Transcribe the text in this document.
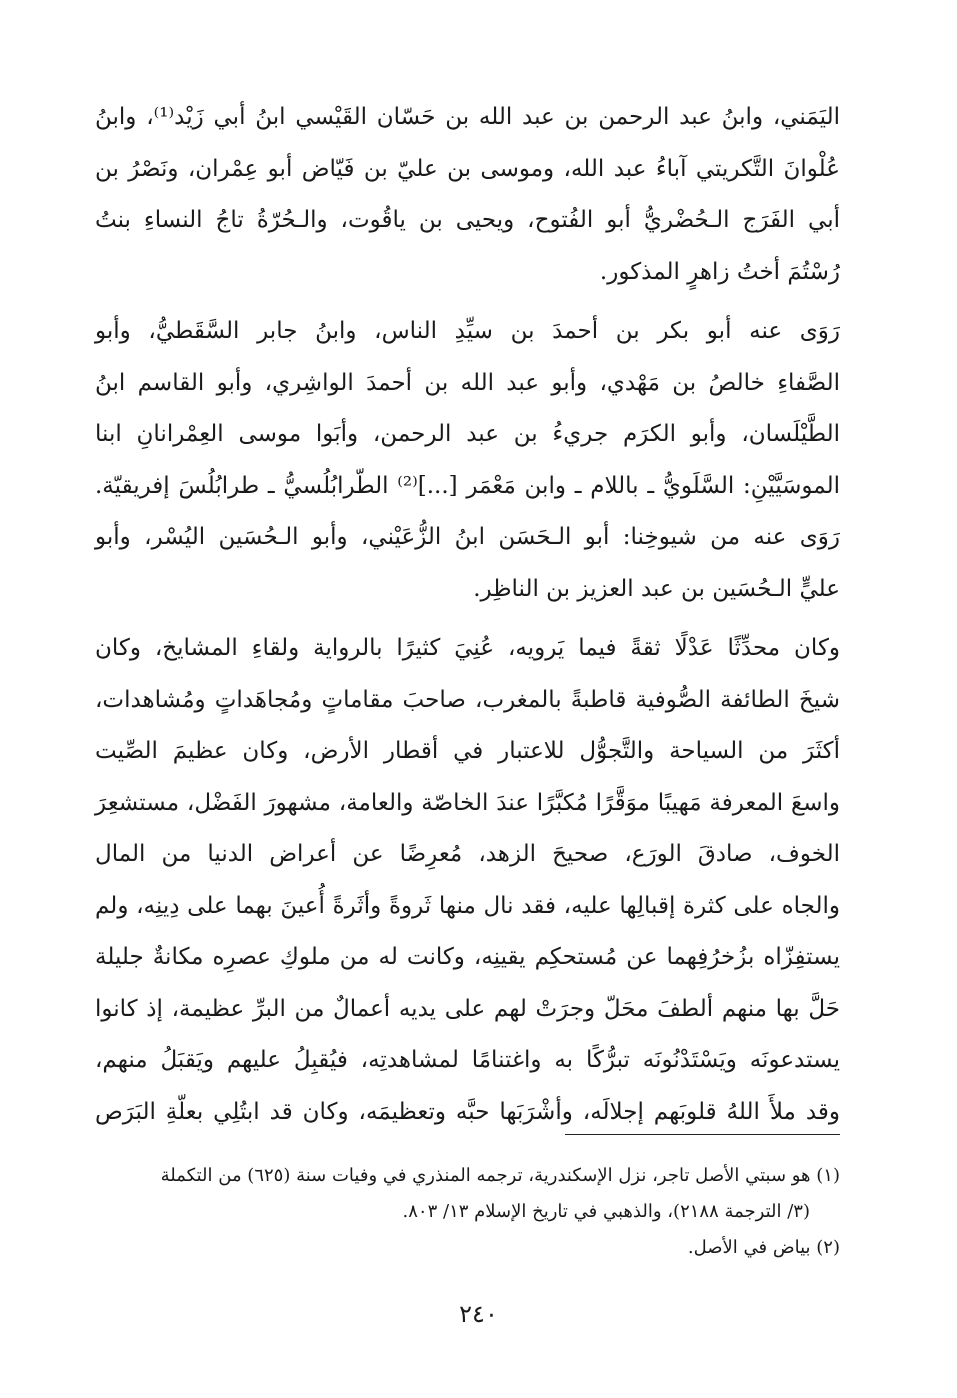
اليَمَني، وابنُ عبد الرحمن بن عبد الله بن حَسّان القَيْسي ابنُ أبي زَيْد⁽¹⁾، وابنُ
عُلْوانَ التَّكريتي آباءُ عبد الله، وموسى بن عليّ بن فَيّاض أبو عِمْران، ونَصْرُ بن
أبي الفَرَج الـحُضْريُّ أبو الفُتوح، ويحيى بن ياقُوت، والـحُرّةُ تاجُ النساءِ بنتُ
رُسْتُمَ أختُ زاهرٍ المذكور.
رَوَى عنه أبو بكر بن أحمدَ بن سيِّدِ الناس، وابنُ جابر السَّقَطيُّ، وأبو
الصَّفاءِ خالصُ بن مَهْدي، وأبو عبد الله بن أحمدَ الواشِري، وأبو القاسم ابنُ
الطَّيْلَسان، وأبو الكرَم جريءُ بن عبد الرحمن، وأبَوا موسى العِمْرانانِ ابنا
الموسَيَّيْنِ: السَّلَويُّ ـ باللام ـ وابن مَعْمَر [...]⁽²⁾ الطّرابُلُسيُّ ـ طرابُلُسَ إفريقيّة.
رَوَى عنه من شيوخِنا: أبو الـحَسَن ابنُ الزُّعَيْني، وأبو الـحُسَين اليُسْر، وأبو
عليٍّ الـحُسَين بن عبد العزيز بن الناظِر.
وكان محدِّثًا عَدْلًا ثقةً فيما يَرويه، عُنِيَ كثيرًا بالرواية ولقاءِ المشايخ، وكان
شيخَ الطائفة الصُّوفية قاطبةً بالمغرب، صاحبَ مقاماتٍ ومُجاهَداتٍ ومُشاهدات،
أكثَرَ من السياحة والتَّجوُّل للاعتبار في أقطار الأرض، وكان عظيمَ الصِّيت
واسعَ المعرفة مَهيبًا موَقَّرًا مُكبَّرًا عندَ الخاصّة والعامة، مشهورَ الفَضْل، مستشعِرَ
الخوف، صادقَ الورَع، صحيحَ الزهد، مُعرِضًا عن أعراض الدنيا من المال
والجاه على كثرة إقبالِها عليه، فقد نال منها ثَروةً وأثَرةً أُعينَ بهما على دِينِه، ولم
يستفِزّاه بزُخرُفِهما عن مُستحكِم يقينِه، وكانت له من ملوكِ عصرِه مكانةٌ جليلة
حَلَّ بها منهم ألطفَ محَلّ وجرَتْ لهم على يديه أعمالٌ من البرِّ عظيمة، إذ كانوا
يستدعونَه ويَسْتَدْنُونَه تبرُّكًا به واغتنامًا لمشاهدتِه، فيُقبِلُ عليهم ويَقبَلُ منهم،
وقد ملأَ اللهُ قلوبَهم إجلالَه، وأشْرَبَها حبَّه وتعظيمَه، وكان قد ابتُلِي بعلّةِ البَرَص
(١) هو سبتي الأصل تاجر، نزل الإسكندرية، ترجمه المنذري في وفيات سنة (٦٢٥) من التكملة
(٣/ الترجمة ٢١٨٨)، والذهبي في تاريخ الإسلام ١٣/ ٨٠٣.
(٢) بياض في الأصل.
٢٤٠
